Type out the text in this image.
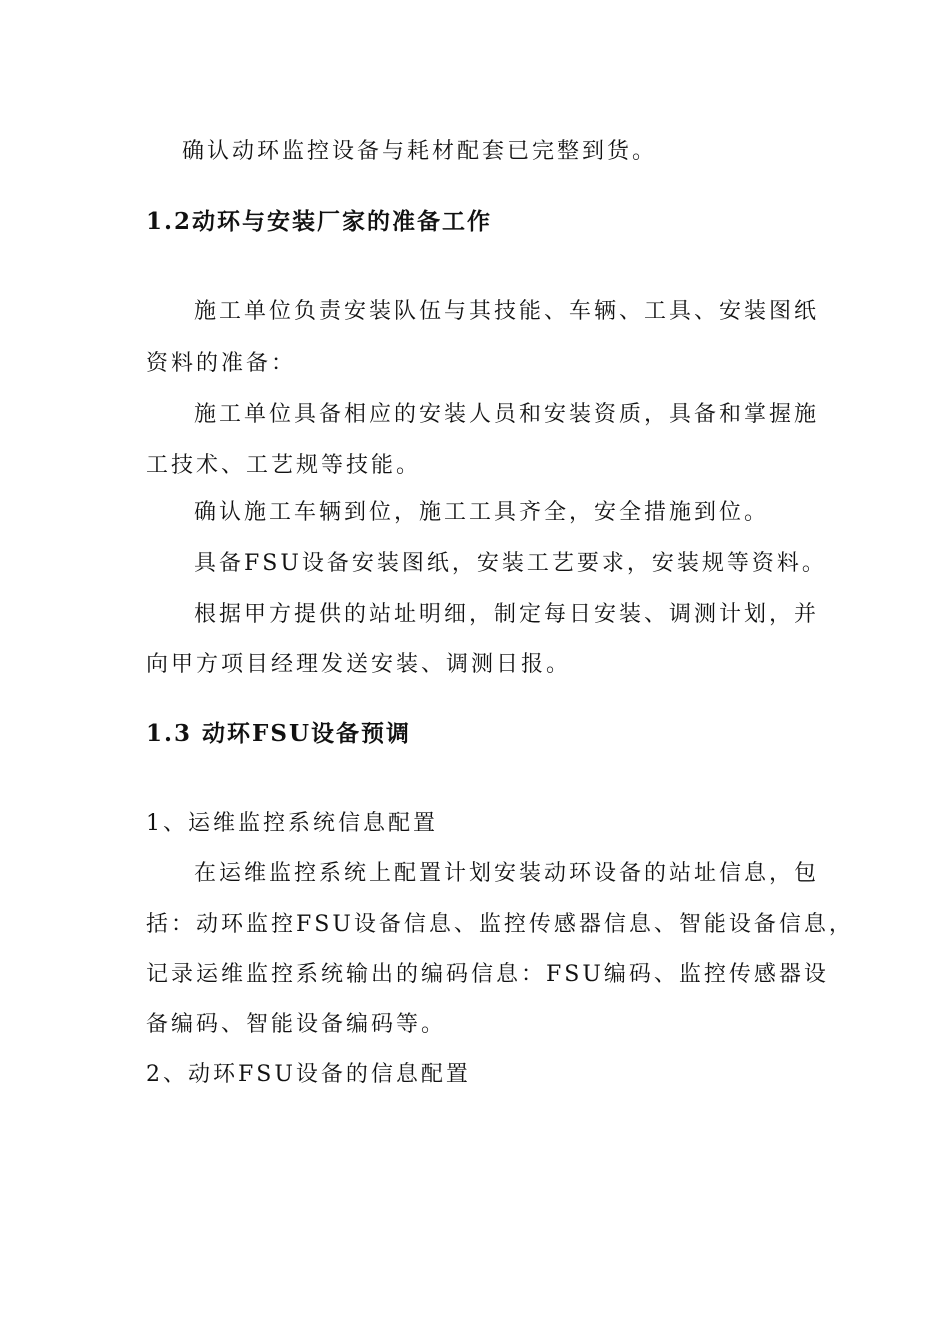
确认动环监控设备与耗材配套已完整到货。
1.2动环与安装厂家的准备工作
施工单位负责安装队伍与其技能、车辆、工具、安装图纸
资料的准备：
施工单位具备相应的安装人员和安装资质，具备和掌握施
工技术、工艺规等技能。
确认施工车辆到位，施工工具齐全，安全措施到位。
具备FSU设备安装图纸，安装工艺要求，安装规等资料。
根据甲方提供的站址明细，制定每日安装、调测计划，并
向甲方项目经理发送安装、调测日报。
1.3 动环FSU设备预调
1、运维监控系统信息配置
在运维监控系统上配置计划安装动环设备的站址信息，包
括：动环监控FSU设备信息、监控传感器信息、智能设备信息，
记录运维监控系统输出的编码信息：FSU编码、监控传感器设
备编码、智能设备编码等。
2、动环FSU设备的信息配置
